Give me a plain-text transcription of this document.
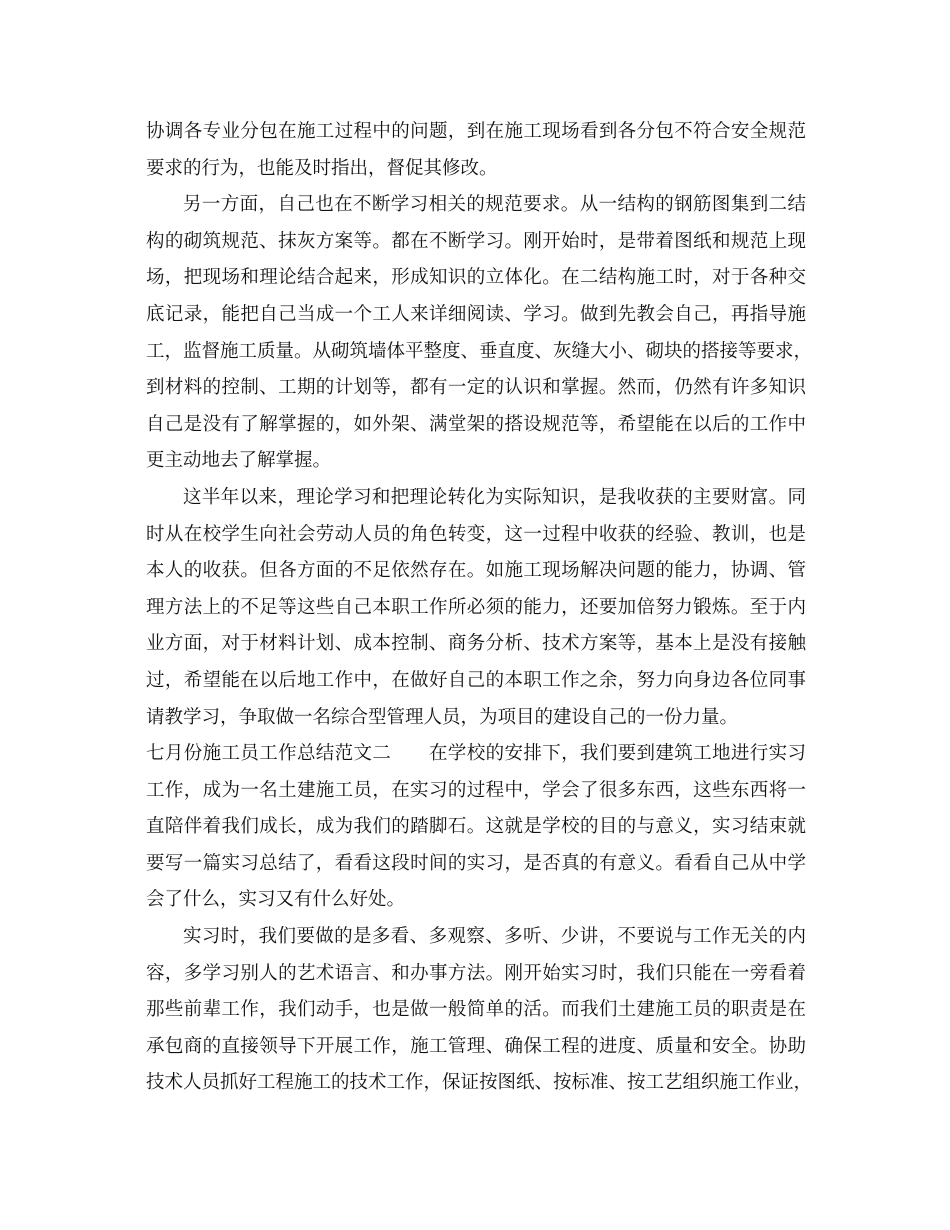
协调各专业分包在施工过程中的问题，到在施工现场看到各分包不符合安全规范
要求的行为，也能及时指出，督促其修改。
另一方面，自己也在不断学习相关的规范要求。从一结构的钢筋图集到二结
构的砌筑规范、抹灰方案等。都在不断学习。刚开始时，是带着图纸和规范上现
场，把现场和理论结合起来，形成知识的立体化。在二结构施工时，对于各种交
底记录，能把自己当成一个工人来详细阅读、学习。做到先教会自己，再指导施
工，监督施工质量。从砌筑墙体平整度、垂直度、灰缝大小、砌块的搭接等要求，
到材料的控制、工期的计划等，都有一定的认识和掌握。然而，仍然有许多知识
自己是没有了解掌握的，如外架、满堂架的搭设规范等，希望能在以后的工作中
更主动地去了解掌握。
这半年以来，理论学习和把理论转化为实际知识，是我收获的主要财富。同
时从在校学生向社会劳动人员的角色转变，这一过程中收获的经验、教训，也是
本人的收获。但各方面的不足依然存在。如施工现场解决问题的能力，协调、管
理方法上的不足等这些自己本职工作所必须的能力，还要加倍努力锻炼。至于内
业方面，对于材料计划、成本控制、商务分析、技术方案等，基本上是没有接触
过，希望能在以后地工作中，在做好自己的本职工作之余，努力向身边各位同事
请教学习，争取做一名综合型管理人员，为项目的建设自己的一份力量。
七月份施工员工作总结范文二　　在学校的安排下，我们要到建筑工地进行实习
工作，成为一名土建施工员，在实习的过程中，学会了很多东西，这些东西将一
直陪伴着我们成长，成为我们的踏脚石。这就是学校的目的与意义，实习结束就
要写一篇实习总结了，看看这段时间的实习，是否真的有意义。看看自己从中学
会了什么，实习又有什么好处。
实习时，我们要做的是多看、多观察、多听、少讲，不要说与工作无关的内
容，多学习别人的艺术语言、和办事方法。刚开始实习时，我们只能在一旁看着
那些前辈工作，我们动手，也是做一般简单的活。而我们土建施工员的职责是在
承包商的直接领导下开展工作，施工管理、确保工程的进度、质量和安全。协助
技术人员抓好工程施工的技术工作，保证按图纸、按标准、按工艺组织施工作业，
